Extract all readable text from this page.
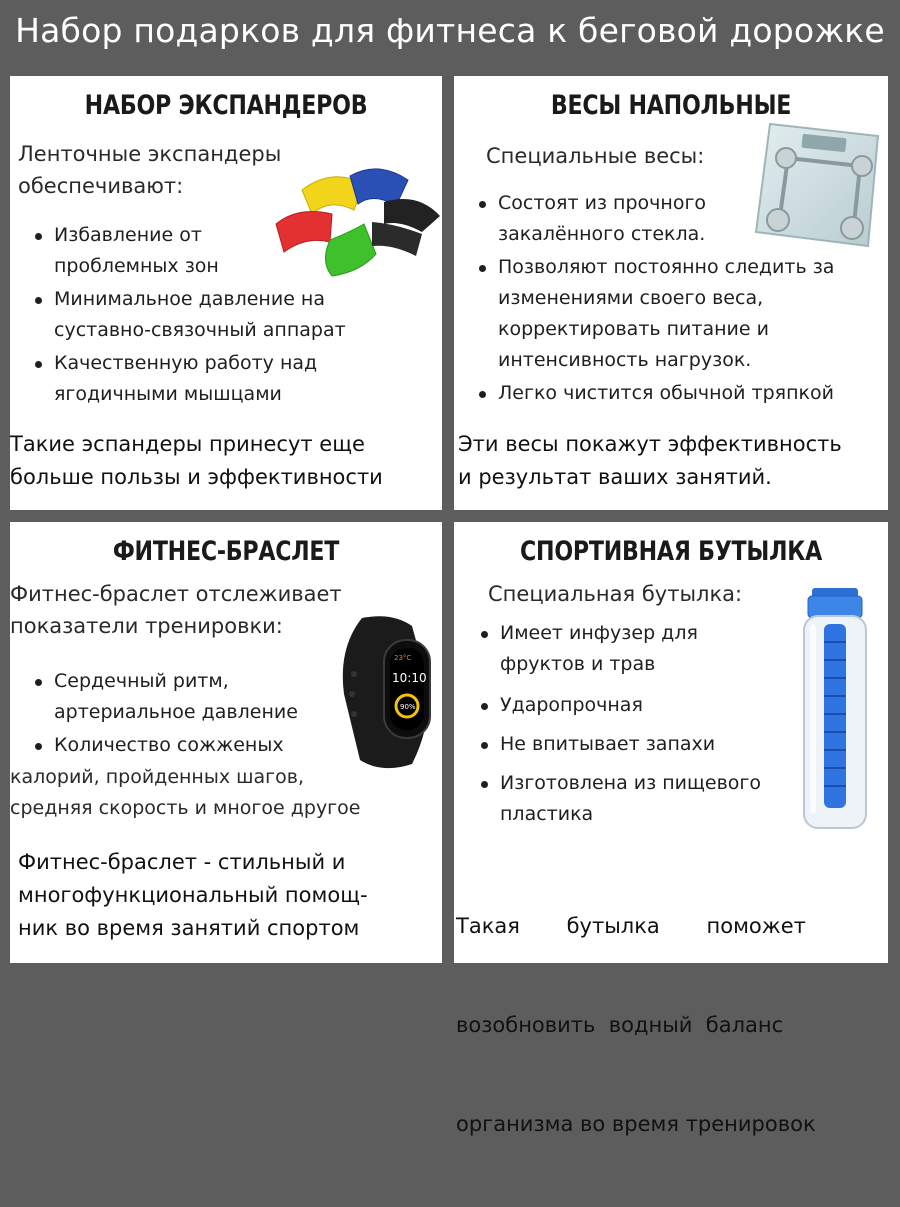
Набор подарков для фитнеса к беговой дорожке
НАБОР ЭКСПАНДЕРОВ
Ленточные экспандеры
обеспечивают:
Избавление от
проблемных зон
Минимальное давление на
суставно-связочный аппарат
Качественную работу над
ягодичными мышцами
Такие эспандеры принесут еще
больше пользы и эффективности
ВЕСЫ НАПОЛЬНЫЕ
Специальные весы:
Состоят из прочного
закалённого стекла.
Позволяют постоянно следить за
изменениями своего веса,
корректировать питание и
интенсивность нагрузок.
Легко чистится обычной тряпкой
Эти весы покажут эффективность
и результат ваших занятий.
ФИТНЕС-БРАСЛЕТ
Фитнес-браслет отслеживает
показатели тренировки:
23°C
10:10
90%
Сердечный ритм,
артериальное давление
Количество сожженых
калорий, пройденных шагов,
средняя скорость и многое другое
Фитнес-браслет - стильный и
многофункциональный помощ-
ник во время занятий спортом
СПОРТИВНАЯ БУТЫЛКА
Специальная бутылка:
Имеет инфузер для
фруктов и трав
Ударопрочная
Не впитывает запахи
Изготовлена из пищевого
пластика

Такая       бутылка       поможет

возобновить  водный  баланс

организма во время тренировок
